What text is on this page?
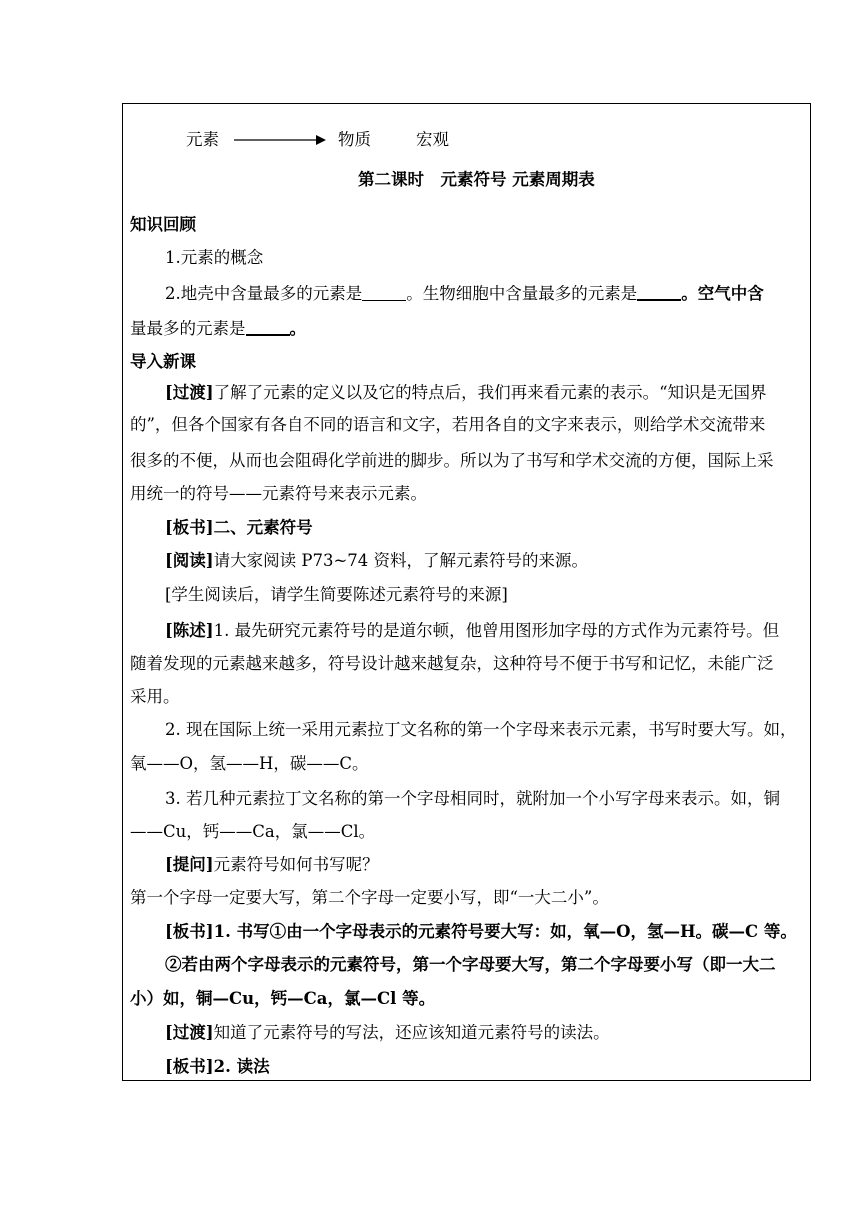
元素	物质	宏观
第二课时　元素符号 元素周期表
知识回顾
1.元素的概念
2.地壳中含量最多的元素是	。生物细胞中含量最多的元素是	。空气中含
量最多的元素是	。
导入新课
[过渡]了解了元素的定义以及它的特点后，我们再来看元素的表示。“知识是无国界
的”，但各个国家有各自不同的语言和文字，若用各自的文字来表示，则给学术交流带来
很多的不便，从而也会阻碍化学前进的脚步。所以为了书写和学术交流的方便，国际上采
用统一的符号——元素符号来表示元素。
[板书]二、元素符号
[阅读]请大家阅读 P73~74 资料，了解元素符号的来源。
[学生阅读后，请学生简要陈述元素符号的来源]
[陈述]1. 最先研究元素符号的是道尔顿，他曾用图形加字母的方式作为元素符号。但
随着发现的元素越来越多，符号设计越来越复杂，这种符号不便于书写和记忆，未能广泛
采用。
2. 现在国际上统一采用元素拉丁文名称的第一个字母来表示元素，书写时要大写。如，
氧——O，氢——H，碳——C。
3. 若几种元素拉丁文名称的第一个字母相同时，就附加一个小写字母来表示。如，铜
——Cu，钙——Ca，氯——Cl。
[提问]元素符号如何书写呢？
第一个字母一定要大写，第二个字母一定要小写，即“一大二小”。
[板书]1. 书写①由一个字母表示的元素符号要大写：如，氧—O，氢—H。碳—C 等。
②若由两个字母表示的元素符号，第一个字母要大写，第二个字母要小写（即一大二
小）如，铜—Cu，钙—Ca，氯—Cl 等。
[过渡]知道了元素符号的写法，还应该知道元素符号的读法。
[板书]2. 读法
